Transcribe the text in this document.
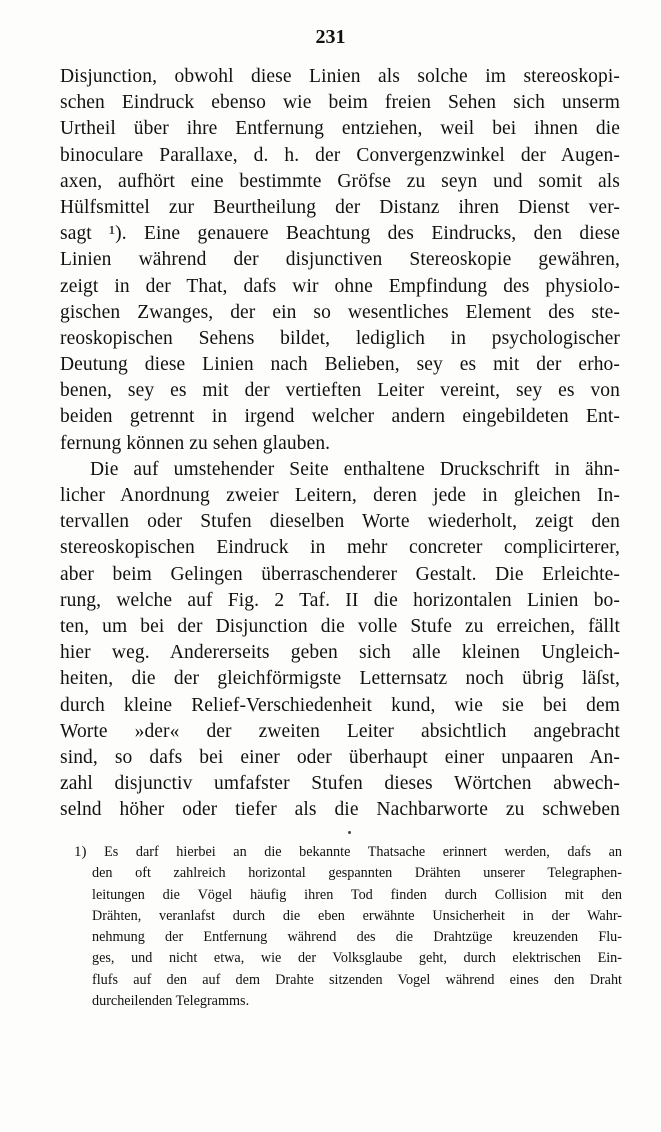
231
Disjunction, obwohl diese Linien als solche im stereoskopi-
schen Eindruck ebenso wie beim freien Sehen sich unserm
Urtheil über ihre Entfernung entziehen, weil bei ihnen die
binoculare Parallaxe, d. h. der Convergenzwinkel der Augen-
axen, aufhört eine bestimmte Gröfse zu seyn und somit als
Hülfsmittel zur Beurtheilung der Distanz ihren Dienst ver-
sagt ¹). Eine genauere Beachtung des Eindrucks, den diese
Linien während der disjunctiven Stereoskopie gewähren,
zeigt in der That, dafs wir ohne Empfindung des physiolo-
gischen Zwanges, der ein so wesentliches Element des ste-
reoskopischen Sehens bildet, lediglich in psychologischer
Deutung diese Linien nach Belieben, sey es mit der erho-
benen, sey es mit der vertieften Leiter vereint, sey es von
beiden getrennt in irgend welcher andern eingebildeten Ent-
fernung können zu sehen glauben.
Die auf umstehender Seite enthaltene Druckschrift in ähn-
licher Anordnung zweier Leitern, deren jede in gleichen In-
tervallen oder Stufen dieselben Worte wiederholt, zeigt den
stereoskopischen Eindruck in mehr concreter complicirterer,
aber beim Gelingen überraschenderer Gestalt. Die Erleichte-
rung, welche auf Fig. 2 Taf. II die horizontalen Linien bo-
ten, um bei der Disjunction die volle Stufe zu erreichen, fällt
hier weg. Andererseits geben sich alle kleinen Ungleich-
heiten, die der gleichförmigste Letternsatz noch übrig läſst,
durch kleine Relief-Verschiedenheit kund, wie sie bei dem
Worte »der« der zweiten Leiter absichtlich angebracht
sind, so dafs bei einer oder überhaupt einer unpaaren An-
zahl disjunctiv umfafster Stufen dieses Wörtchen abwech-
selnd höher oder tiefer als die Nachbarworte zu schweben
1) Es darf hierbei an die bekannte Thatsache erinnert werden, dafs an
den oft zahlreich horizontal gespannten Drähten unserer Telegraphen-
leitungen die Vögel häufig ihren Tod finden durch Collision mit den
Drähten, veranlafst durch die eben erwähnte Unsicherheit in der Wahr-
nehmung der Entfernung während des die Drahtzüge kreuzenden Flu-
ges, und nicht etwa, wie der Volksglaube geht, durch elektrischen Ein-
flufs auf den auf dem Drahte sitzenden Vogel während eines den Draht
durcheilenden Telegramms.
